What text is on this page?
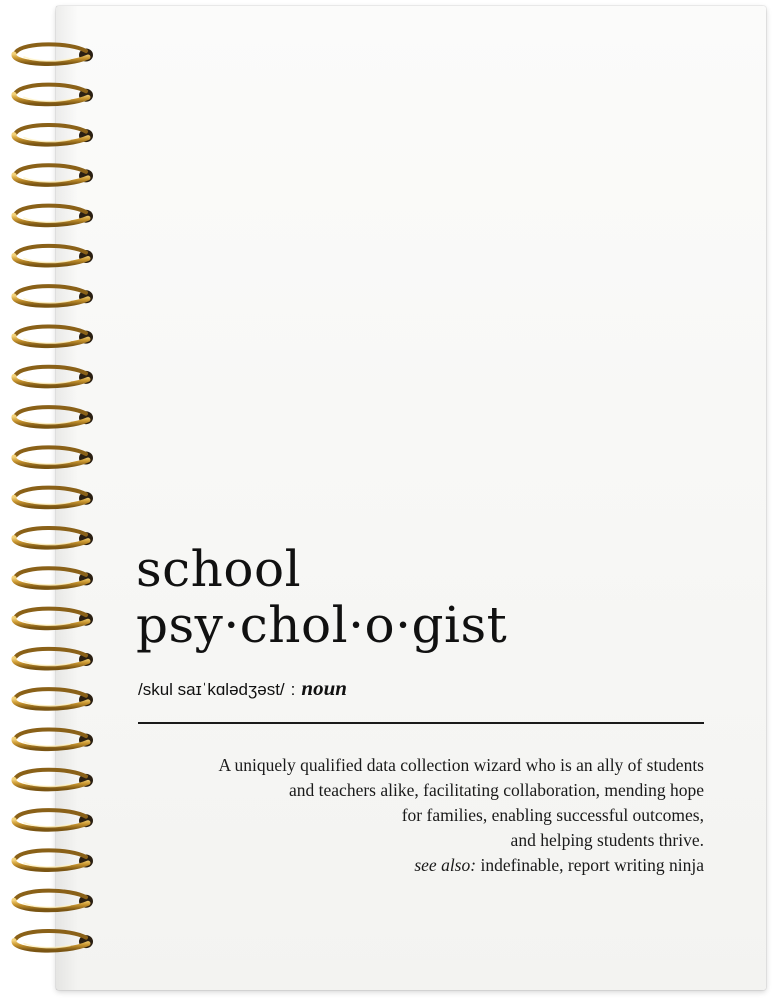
school
psy·chol·o·gist
/skul saɪˈkɑlədʒəst/ : noun
A uniquely qualified data collection wizard who is an ally of students
and teachers alike, facilitating collaboration, mending hope
for families, enabling successful outcomes,
and helping students thrive.
see also: indefinable, report writing ninja
